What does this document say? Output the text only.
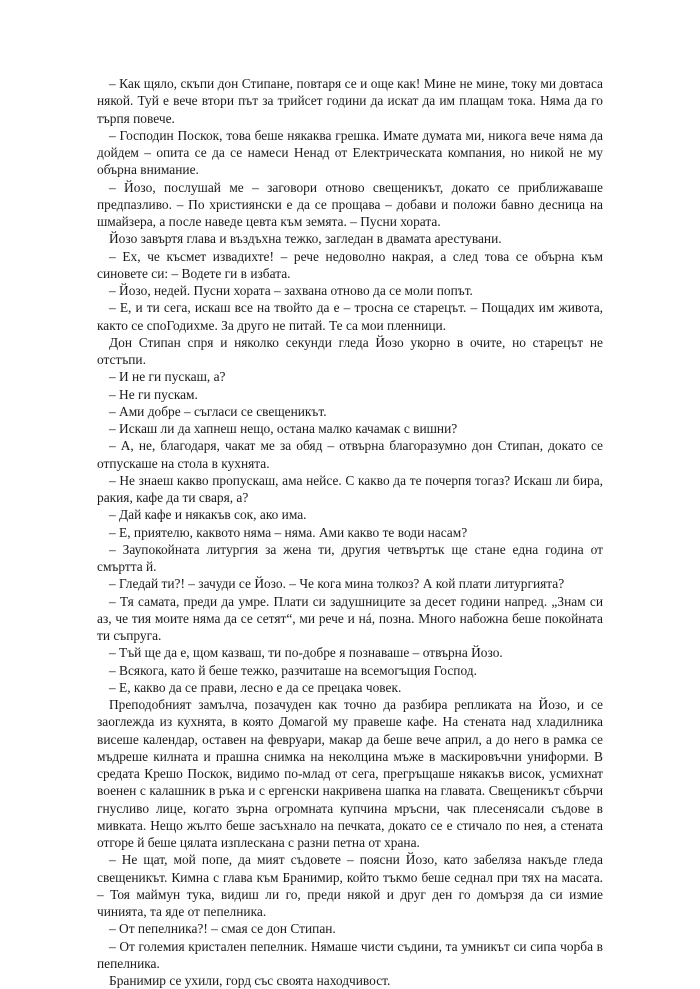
– Как щяло, скъпи дон Стипане, повтаря се и още как! Мине не мине, току ми довтаса някой. Туй е вече втори път за трийсет години да искат да им плащам тока. Няма да го търпя повече.

– Господин Поскок, това беше някаква грешка. Имате думата ми, никога вече няма да дойдем – опита се да се намеси Ненад от Електрическата компания, но никой не му обърна внимание.

– Йозо, послушай ме – заговори отново свещеникът, докато се приближаваше предпазливо. – По християнски е да се прощава – добави и положи бавно десница на шмайзера, а после наведе цевта към земята. – Пусни хората.

Йозо завъртя глава и въздъхна тежко, загледан в двамата арестувани.

– Ех, че късмет извадихте! – рече недоволно накрая, а след това се обърна към синовете си: – Водете ги в избата.

– Йозо, недей. Пусни хората – захвана отново да се моли попът.

– Е, и ти сега, искаш все на твойто да е – тросна се старецът. – Пощадих им живота, както се споГодихме. За друго не питай. Те са мои пленници.

Дон Стипан спря и няколко секунди гледа Йозо укорно в очите, но старецът не отстъпи.

– И не ги пускаш, а?

– Не ги пускам.

– Ами добре – съгласи се свещеникът.

– Искаш ли да хапнеш нещо, остана малко качамак с вишни?

– А, не, благодаря, чакат ме за обяд – отвърна благоразумно дон Стипан, докато се отпускаше на стола в кухнята.

– Не знаеш какво пропускаш, ама нейсе. С какво да те почерпя тогаз? Искаш ли бира, ракия, кафе да ти сваря, а?

– Дай кафе и някакъв сок, ако има.

– Е, приятелю, каквото няма – няма. Ами какво те води насам?

– Заупокойната литургия за жена ти, другия четвъртък ще стане една година от смъртта й.

– Гледай ти?! – зачуди се Йозо. – Че кога мина толкоз? А кой плати литургията?

– Тя самата, преди да умре. Плати си задушниците за десет години напред. „Знам си аз, че тия моите няма да се сетят“, ми рече и нá, позна. Много набожна беше покойната ти съпруга.

– Тъй ще да е, щом казваш, ти по-добре я познаваше – отвърна Йозо.

– Всякога, като й беше тежко, разчиташе на всемогъщия Господ.

– Е, какво да се прави, лесно е да се прецака човек.

Преподобният замълча, позачуден как точно да разбира репликата на Йозо, и се заоглежда из кухнята, в която Домагой му правеше кафе. На стената над хладилника висеше календар, оставен на февруари, макар да беше вече април, а до него в рамка се мъдреше килната и прашна снимка на неколцина мъже в маскировъчни униформи. В средата Крешо Поскок, видимо по-млад от сега, прегръщаше някакъв висок, усмихнат военен с калашник в ръка и с ергенски накривена шапка на главата. Свещеникът сбърчи гнусливо лице, когато зърна огромната купчина мръсни, чак плесенясали съдове в мивката. Нещо жълто беше засъхнало на печката, докато се е стичало по нея, а стената отгоре й беше цялата изплескана с разни петна от храна.

– Не щат, мой попе, да мият съдовете – поясни Йозо, като забеляза накъде гледа свещеникът. Кимна с глава към Бранимир, който тъкмо беше седнал при тях на масата. – Тоя маймун тука, видиш ли го, преди някой и друг ден го домързя да си измие чинията, та яде от пепелника.

– От пепелника?! – смая се дон Стипан.

– От големия кристален пепелник. Нямаше чисти съдини, та умникът си сипа чорба в пепелника.

Бранимир се ухили, горд със своята находчивост.
